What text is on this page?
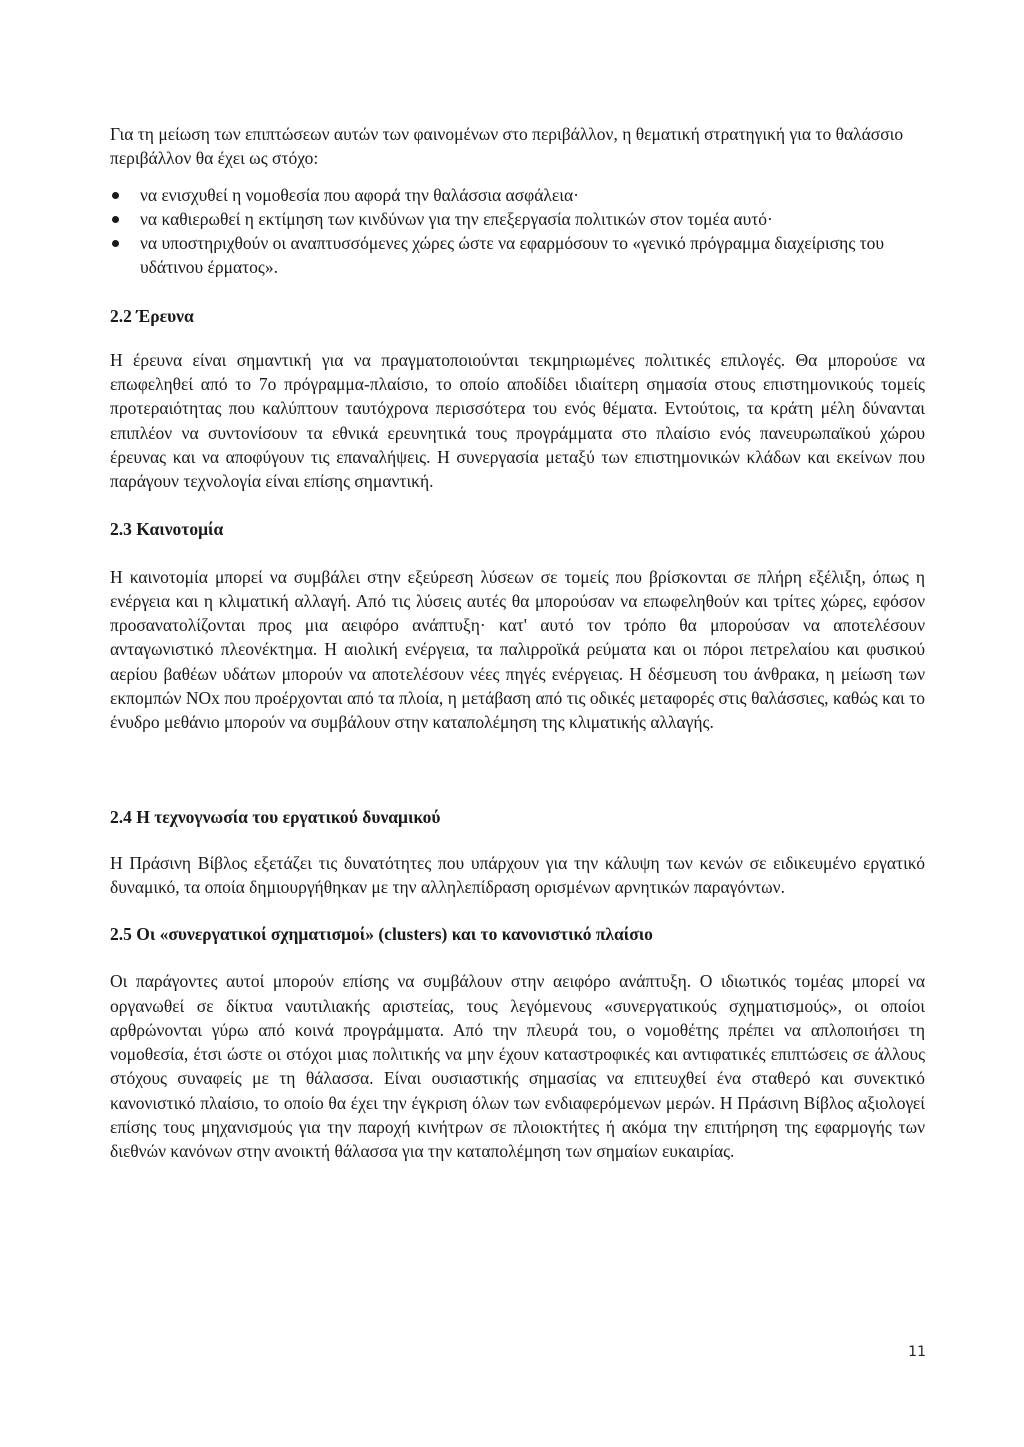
Για τη μείωση των επιπτώσεων αυτών των φαινομένων στο περιβάλλον, η θεματική στρατηγική για το θαλάσσιο περιβάλλον θα έχει ως στόχο:

να ενισχυθεί η νομοθεσία που αφορά την θαλάσσια ασφάλεια·
να καθιερωθεί η εκτίμηση των κινδύνων για την επεξεργασία πολιτικών στον τομέα αυτό·
να υποστηριχθούν οι αναπτυσσόμενες χώρες ώστε να εφαρμόσουν το «γενικό πρόγραμμα διαχείρισης του υδάτινου έρματος».
2.2 Έρευνα

Η έρευνα είναι σημαντική για να πραγματοποιούνται τεκμηριωμένες πολιτικές επιλογές. Θα μπορούσε να επωφεληθεί από το 7ο πρόγραμμα-πλαίσιο, το οποίο αποδίδει ιδιαίτερη σημασία στους επιστημονικούς τομείς προτεραιότητας που καλύπτουν ταυτόχρονα περισσότερα του ενός θέματα. Εντούτοις, τα κράτη μέλη δύνανται επιπλέον να συντονίσουν τα εθνικά ερευνητικά τους προγράμματα στο πλαίσιο ενός πανευρωπαϊκού χώρου έρευνας και να αποφύγουν τις επαναλήψεις. Η συνεργασία μεταξύ των επιστημονικών κλάδων και εκείνων που παράγουν τεχνολογία είναι επίσης σημαντική.

2.3 Καινοτομία

Η καινοτομία μπορεί να συμβάλει στην εξεύρεση λύσεων σε τομείς που βρίσκονται σε πλήρη εξέλιξη, όπως η ενέργεια και η κλιματική αλλαγή. Από τις λύσεις αυτές θα μπορούσαν να επωφεληθούν και τρίτες χώρες, εφόσον προσανατολίζονται προς μια αειφόρο ανάπτυξη· κατ' αυτό τον τρόπο θα μπορούσαν να αποτελέσουν ανταγωνιστικό πλεονέκτημα. Η αιολική ενέργεια, τα παλιρροϊκά ρεύματα και οι πόροι πετρελαίου και φυσικού αερίου βαθέων υδάτων μπορούν να αποτελέσουν νέες πηγές ενέργειας. Η δέσμευση του άνθρακα, η μείωση των εκπομπών NOx που προέρχονται από τα πλοία, η μετάβαση από τις οδικές μεταφορές στις θαλάσσιες, καθώς και το ένυδρο μεθάνιο μπορούν να συμβάλουν στην καταπολέμηση της κλιματικής αλλαγής.

2.4 Η τεχνογνωσία του εργατικού δυναμικού

Η Πράσινη Βίβλος εξετάζει τις δυνατότητες που υπάρχουν για την κάλυψη των κενών σε ειδικευμένο εργατικό δυναμικό, τα οποία δημιουργήθηκαν με την αλληλεπίδραση ορισμένων αρνητικών παραγόντων.

2.5 Οι «συνεργατικοί σχηματισμοί» (clusters) και το κανονιστικό πλαίσιο

Οι παράγοντες αυτοί μπορούν επίσης να συμβάλουν στην αειφόρο ανάπτυξη. Ο ιδιωτικός τομέας μπορεί να οργανωθεί σε δίκτυα ναυτιλιακής αριστείας, τους λεγόμενους «συνεργατικούς σχηματισμούς», οι οποίοι αρθρώνονται γύρω από κοινά προγράμματα. Από την πλευρά του, ο νομοθέτης πρέπει να απλοποιήσει τη νομοθεσία, έτσι ώστε οι στόχοι μιας πολιτικής να μην έχουν καταστροφικές και αντιφατικές επιπτώσεις σε άλλους στόχους συναφείς με τη θάλασσα. Είναι ουσιαστικής σημασίας να επιτευχθεί ένα σταθερό και συνεκτικό κανονιστικό πλαίσιο, το οποίο θα έχει την έγκριση όλων των ενδιαφερόμενων μερών. Η Πράσινη Βίβλος αξιολογεί επίσης τους μηχανισμούς για την παροχή κινήτρων σε πλοιοκτήτες ή ακόμα την επιτήρηση της εφαρμογής των διεθνών κανόνων στην ανοικτή θάλασσα για την καταπολέμηση των σημαίων ευκαιρίας.

11
